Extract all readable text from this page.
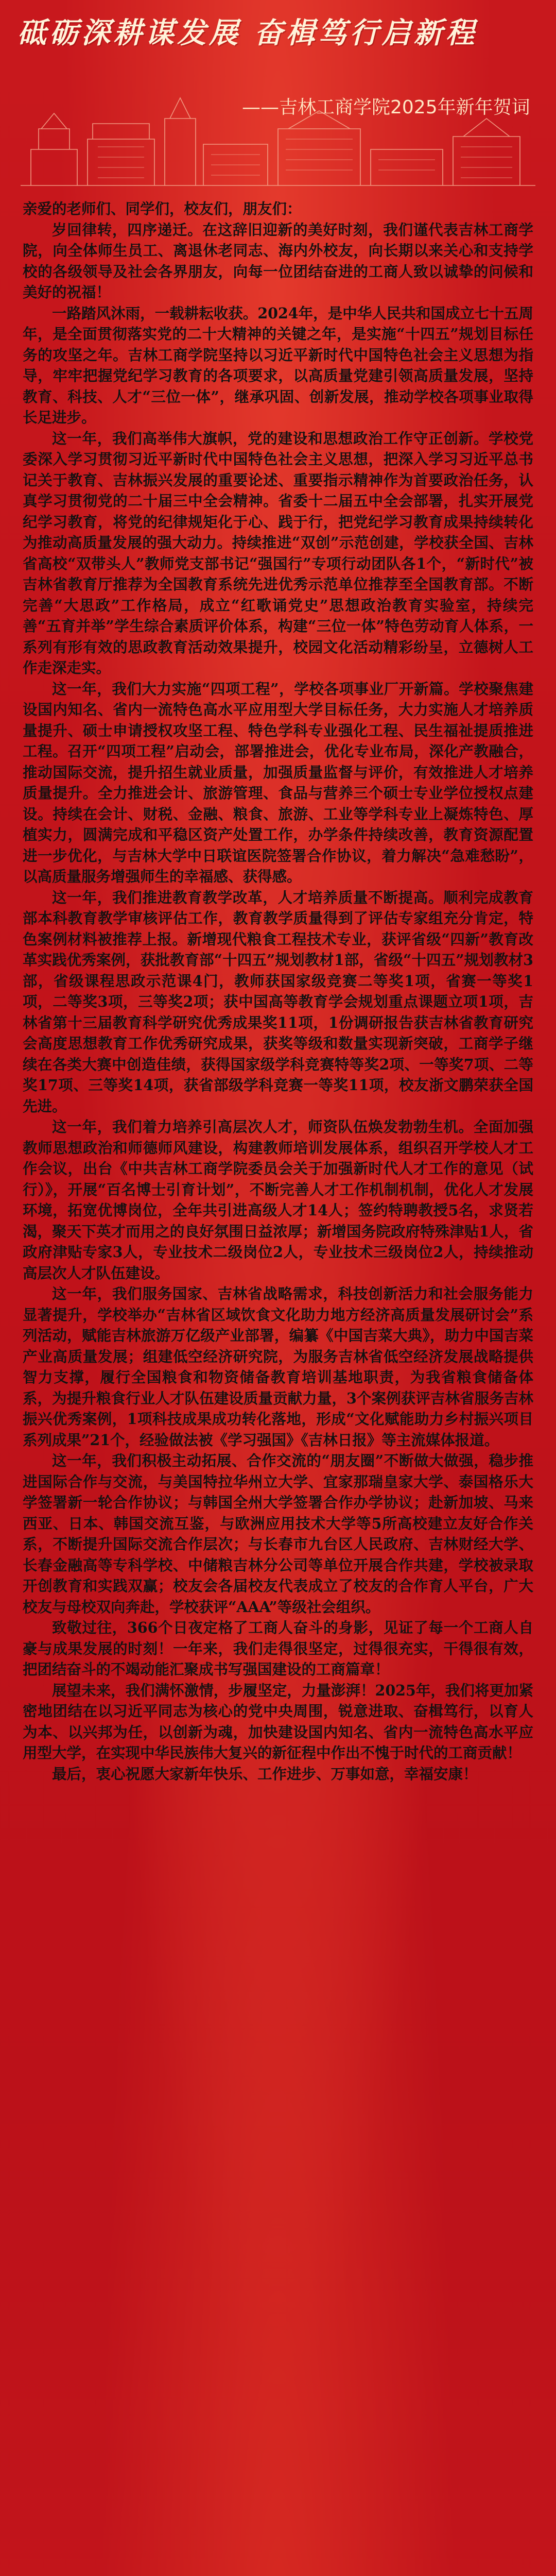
砥砺深耕谋发展 奋楫笃行启新程
——吉林工商学院2025年新年贺词

亲爱的老师们、同学们，校友们，朋友们：

岁回律转，四序递迁。在这辞旧迎新的美好时刻，我们谨代表吉林工商学院，向全体师生员工、离退休老同志、海内外校友，向长期以来关心和支持学校的各级领导及社会各界朋友，向每一位团结奋进的工商人致以诚挚的问候和美好的祝福！

一路踏风沐雨，一载耕耘收获。2024年，是中华人民共和国成立七十五周年，是全面贯彻落实党的二十大精神的关键之年，是实施“十四五”规划目标任务的攻坚之年。吉林工商学院坚持以习近平新时代中国特色社会主义思想为指导，牢牢把握党纪学习教育的各项要求，以高质量党建引领高质量发展，坚持教育、科技、人才“三位一体”，继承巩固、创新发展，推动学校各项事业取得长足进步。

这一年，我们高举伟大旗帜，党的建设和思想政治工作守正创新。学校党委深入学习贯彻习近平新时代中国特色社会主义思想，把深入学习习近平总书记关于教育、吉林振兴发展的重要论述、重要指示精神作为首要政治任务，认真学习贯彻党的二十届三中全会精神。省委十二届五中全会部署，扎实开展党纪学习教育，将党的纪律规矩化于心、践于行，把党纪学习教育成果持续转化为推动高质量发展的强大动力。持续推进“双创”示范创建，学校获全国、吉林省高校“双带头人”教师党支部书记“强国行”专项行动团队各1个，“新时代”被吉林省教育厅推荐为全国教育系统先进优秀示范单位推荐至全国教育部。不断完善“大思政”工作格局，成立“红歌诵党史”思想政治教育实验室，持续完善“五育并举”学生综合素质评价体系，构建“三位一体”特色劳动育人体系，一系列有形有效的思政教育活动效果提升，校园文化活动精彩纷呈，立德树人工作走深走实。

这一年，我们大力实施“四项工程”，学校各项事业厂开新篇。学校聚焦建设国内知名、省内一流特色高水平应用型大学目标任务，大力实施人才培养质量提升、硕士申请授权攻坚工程、特色学科专业强化工程、民生福祉提质推进工程。召开“四项工程”启动会，部署推进会，优化专业布局，深化产教融合，推动国际交流，提升招生就业质量，加强质量监督与评价，有效推进人才培养质量提升。全力推进会计、旅游管理、食品与营养三个硕士专业学位授权点建设。持续在会计、财税、金融、粮食、旅游、工业等学科专业上凝炼特色、厚植实力，圆满完成和平稳区资产处置工作，办学条件持续改善，教育资源配置进一步优化，与吉林大学中日联谊医院签署合作协议，着力解决“急难愁盼”，以高质量服务增强师生的幸福感、获得感。

这一年，我们推进教育教学改革，人才培养质量不断提高。顺利完成教育部本科教育教学审核评估工作，教育教学质量得到了评估专家组充分肯定，特色案例材料被推荐上报。新增现代粮食工程技术专业，获评省级“四新”教育改革实践优秀案例，获批教育部“十四五”规划教材1部，省级“十四五”规划教材3部，省级课程思政示范课4门，教师获国家级竞赛二等奖1项，省赛一等奖1项，二等奖3项，三等奖2项；获中国高等教育学会规划重点课题立项1项，吉林省第十三届教育科学研究优秀成果奖11项，1份调研报告获吉林省教育研究会高度思想教育工作优秀研究成果，获奖等级和数量实现新突破，工商学子继续在各类大赛中创造佳绩，获得国家级学科竞赛特等奖2项、一等奖7项、二等奖17项、三等奖14项，获省部级学科竞赛一等奖11项，校友浙文鹏荣获全国先进。

这一年，我们着力培养引高层次人才，师资队伍焕发勃勃生机。全面加强教师思想政治和师德师风建设，构建教师培训发展体系，组织召开学校人才工作会议，出台《中共吉林工商学院委员会关于加强新时代人才工作的意见（试行）》，开展“百名博士引育计划”，不断完善人才工作机制机制，优化人才发展环境，拓宽优博岗位，全年共引进高级人才14人；签约特聘教授5名，求贤若渴，聚天下英才而用之的良好氛围日益浓厚；新增国务院政府特殊津贴1人，省政府津贴专家3人，专业技术二级岗位2人，专业技术三级岗位2人，持续推动高层次人才队伍建设。

这一年，我们服务国家、吉林省战略需求，科技创新活力和社会服务能力显著提升，学校举办“吉林省区域饮食文化助力地方经济高质量发展研讨会”系列活动，赋能吉林旅游万亿级产业部署，编纂《中国吉菜大典》，助力中国吉菜产业高质量发展；组建低空经济研究院，为服务吉林省低空经济发展战略提供智力支撑，履行全国粮食和物资储备教育培训基地职责，为我省粮食储备体系，为提升粮食行业人才队伍建设质量贡献力量，3个案例获评吉林省服务吉林振兴优秀案例，1项科技成果成功转化落地，形成“文化赋能助力乡村振兴项目系列成果”21个，经验做法被《学习强国》《吉林日报》等主流媒体报道。

这一年，我们积极主动拓展、合作交流的“朋友圈”不断做大做强，稳步推进国际合作与交流，与美国特拉华州立大学、宜家那瑞皇家大学、泰国格乐大学签署新一轮合作协议；与韩国全州大学签署合作办学协议；赴新加坡、马来西亚、日本、韩国交流互鉴，与欧洲应用技术大学等5所高校建立友好合作关系，不断提升国际交流合作层次；与长春市九台区人民政府、吉林财经大学、长春金融高等专科学校、中储粮吉林分公司等单位开展合作共建，学校被录取开创教育和实践双赢；校友会各届校友代表成立了校友的合作育人平台，广大校友与母校双向奔赴，学校获评“AAA”等级社会组织。

致敬过往，366个日夜定格了工商人奋斗的身影，见证了每一个工商人自豪与成果发展的时刻！一年来，我们走得很坚定，过得很充实，干得很有效，把团结奋斗的不竭动能汇聚成书写强国建设的工商篇章！

展望未来，我们满怀激情，步履坚定，力量澎湃！2025年，我们将更加紧密地团结在以习近平同志为核心的党中央周围，锐意进取、奋楫笃行，以育人为本、以兴邦为任，以创新为魂，加快建设国内知名、省内一流特色高水平应用型大学，在实现中华民族伟大复兴的新征程中作出不愧于时代的工商贡献！

最后，衷心祝愿大家新年快乐、工作进步、万事如意，幸福安康！
